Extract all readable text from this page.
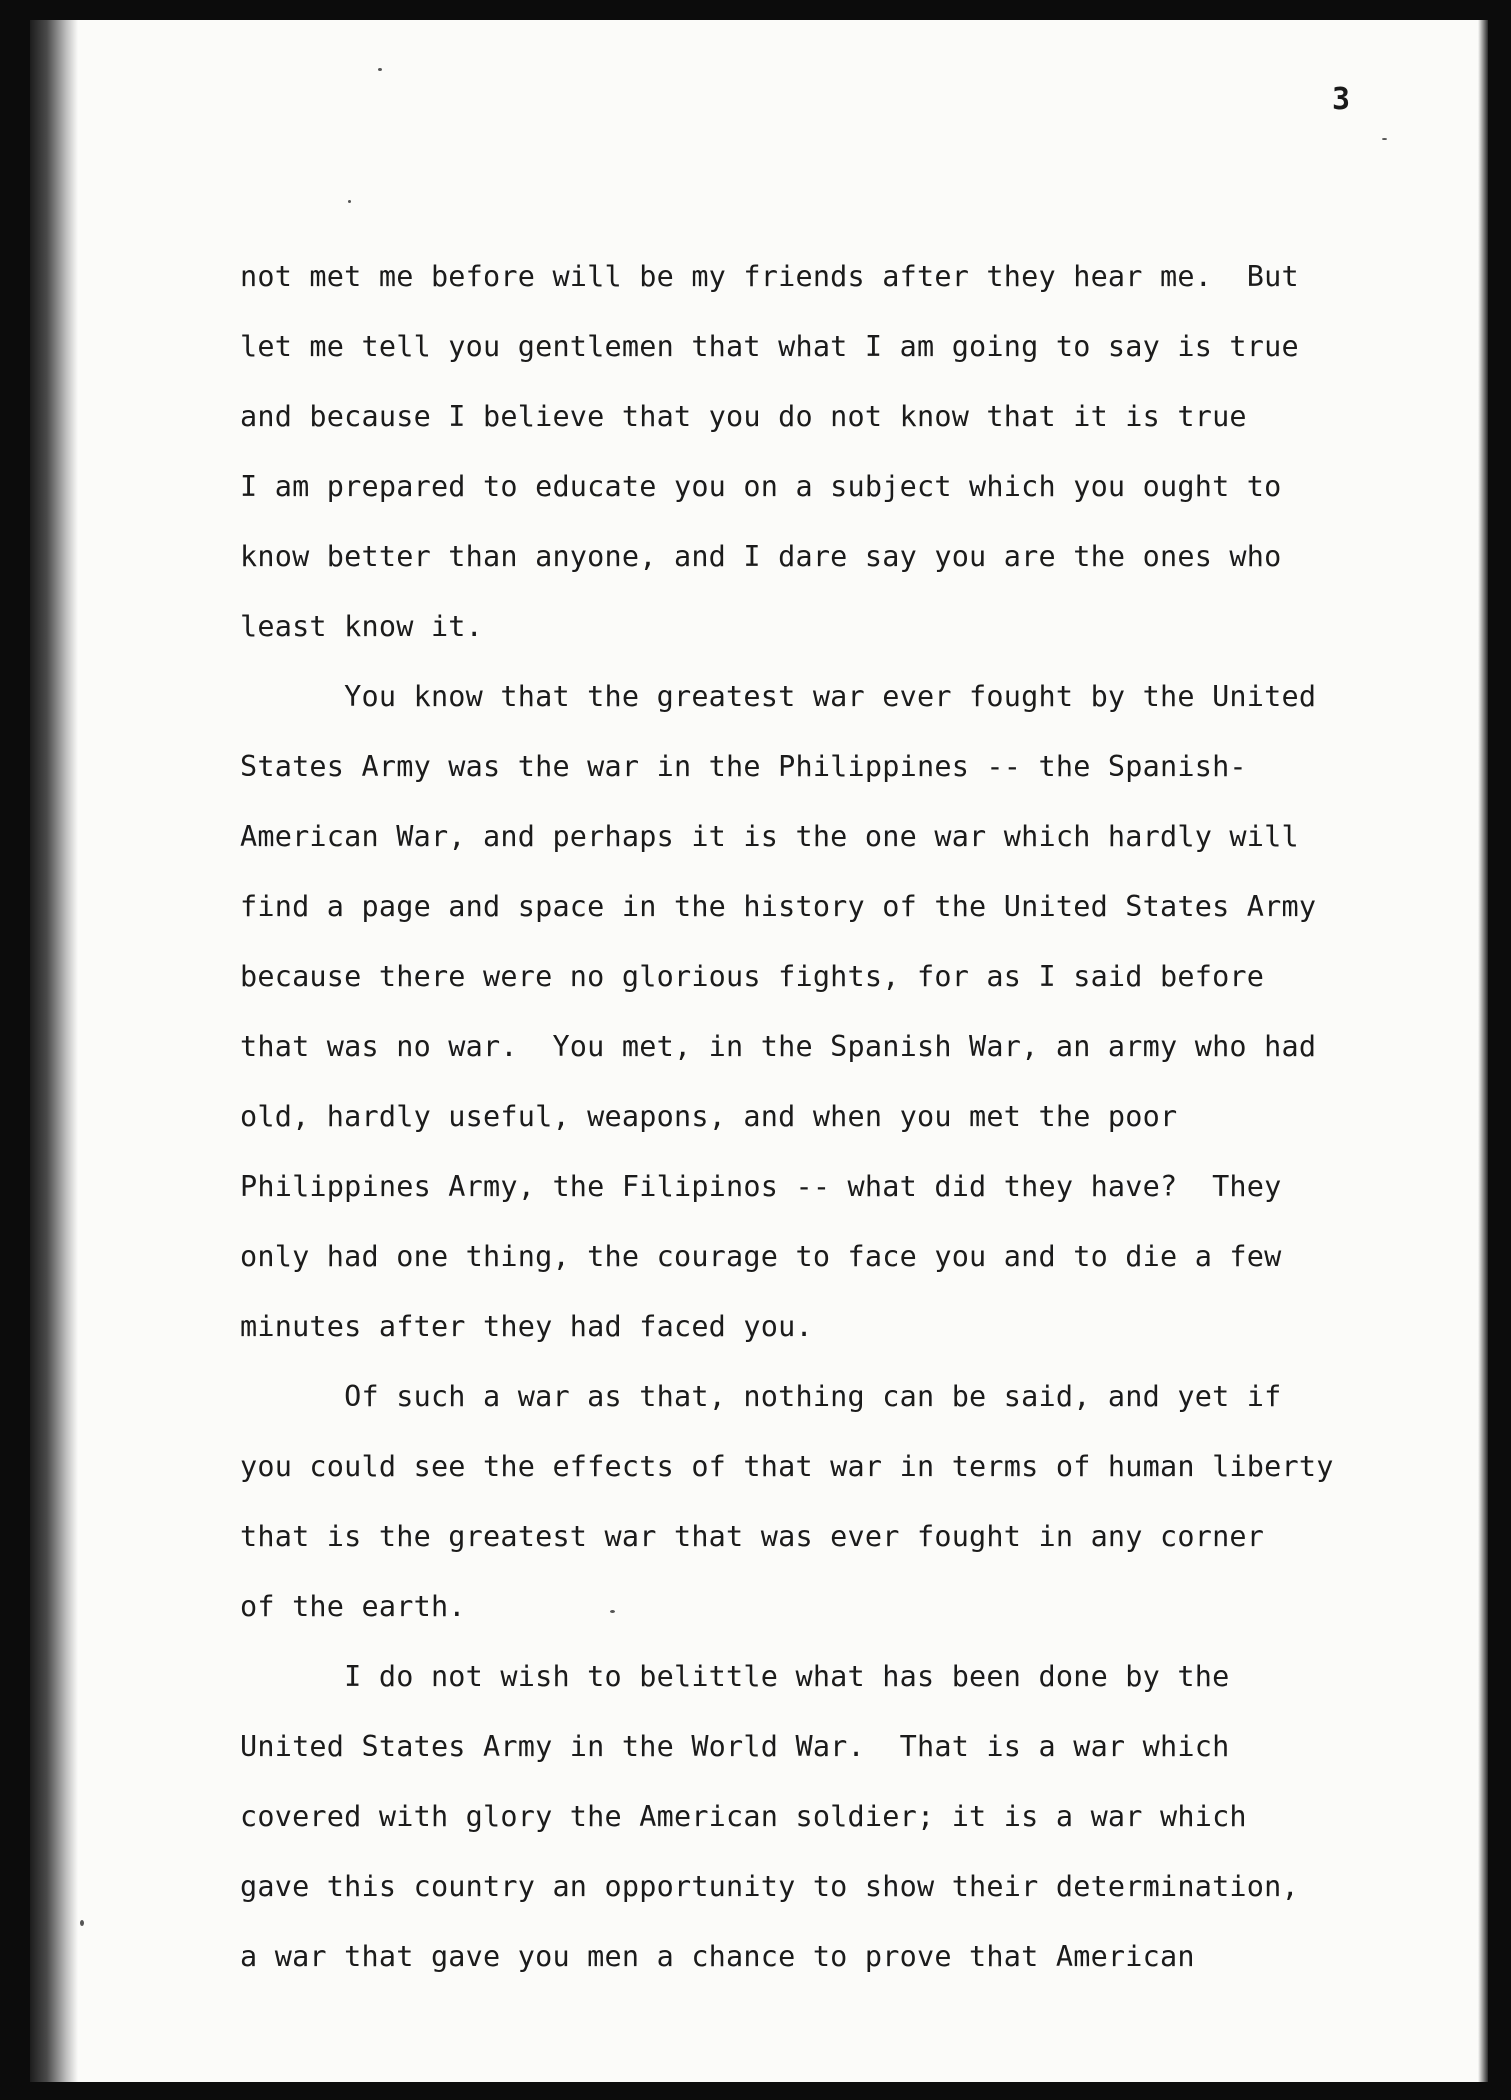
3
not met me before will be my friends after they hear me.  But
let me tell you gentlemen that what I am going to say is true
and because I believe that you do not know that it is true
I am prepared to educate you on a subject which you ought to
know better than anyone, and I dare say you are the ones who
least know it.
You know that the greatest war ever fought by the United
States Army was the war in the Philippines -- the Spanish-
American War, and perhaps it is the one war which hardly will
find a page and space in the history of the United States Army
because there were no glorious fights, for as I said before
that was no war.  You met, in the Spanish War, an army who had
old, hardly useful, weapons, and when you met the poor
Philippines Army, the Filipinos -- what did they have?  They
only had one thing, the courage to face you and to die a few
minutes after they had faced you.
Of such a war as that, nothing can be said, and yet if
you could see the effects of that war in terms of human liberty
that is the greatest war that was ever fought in any corner
of the earth.
I do not wish to belittle what has been done by the
United States Army in the World War.  That is a war which
covered with glory the American soldier; it is a war which
gave this country an opportunity to show their determination,
a war that gave you men a chance to prove that American
